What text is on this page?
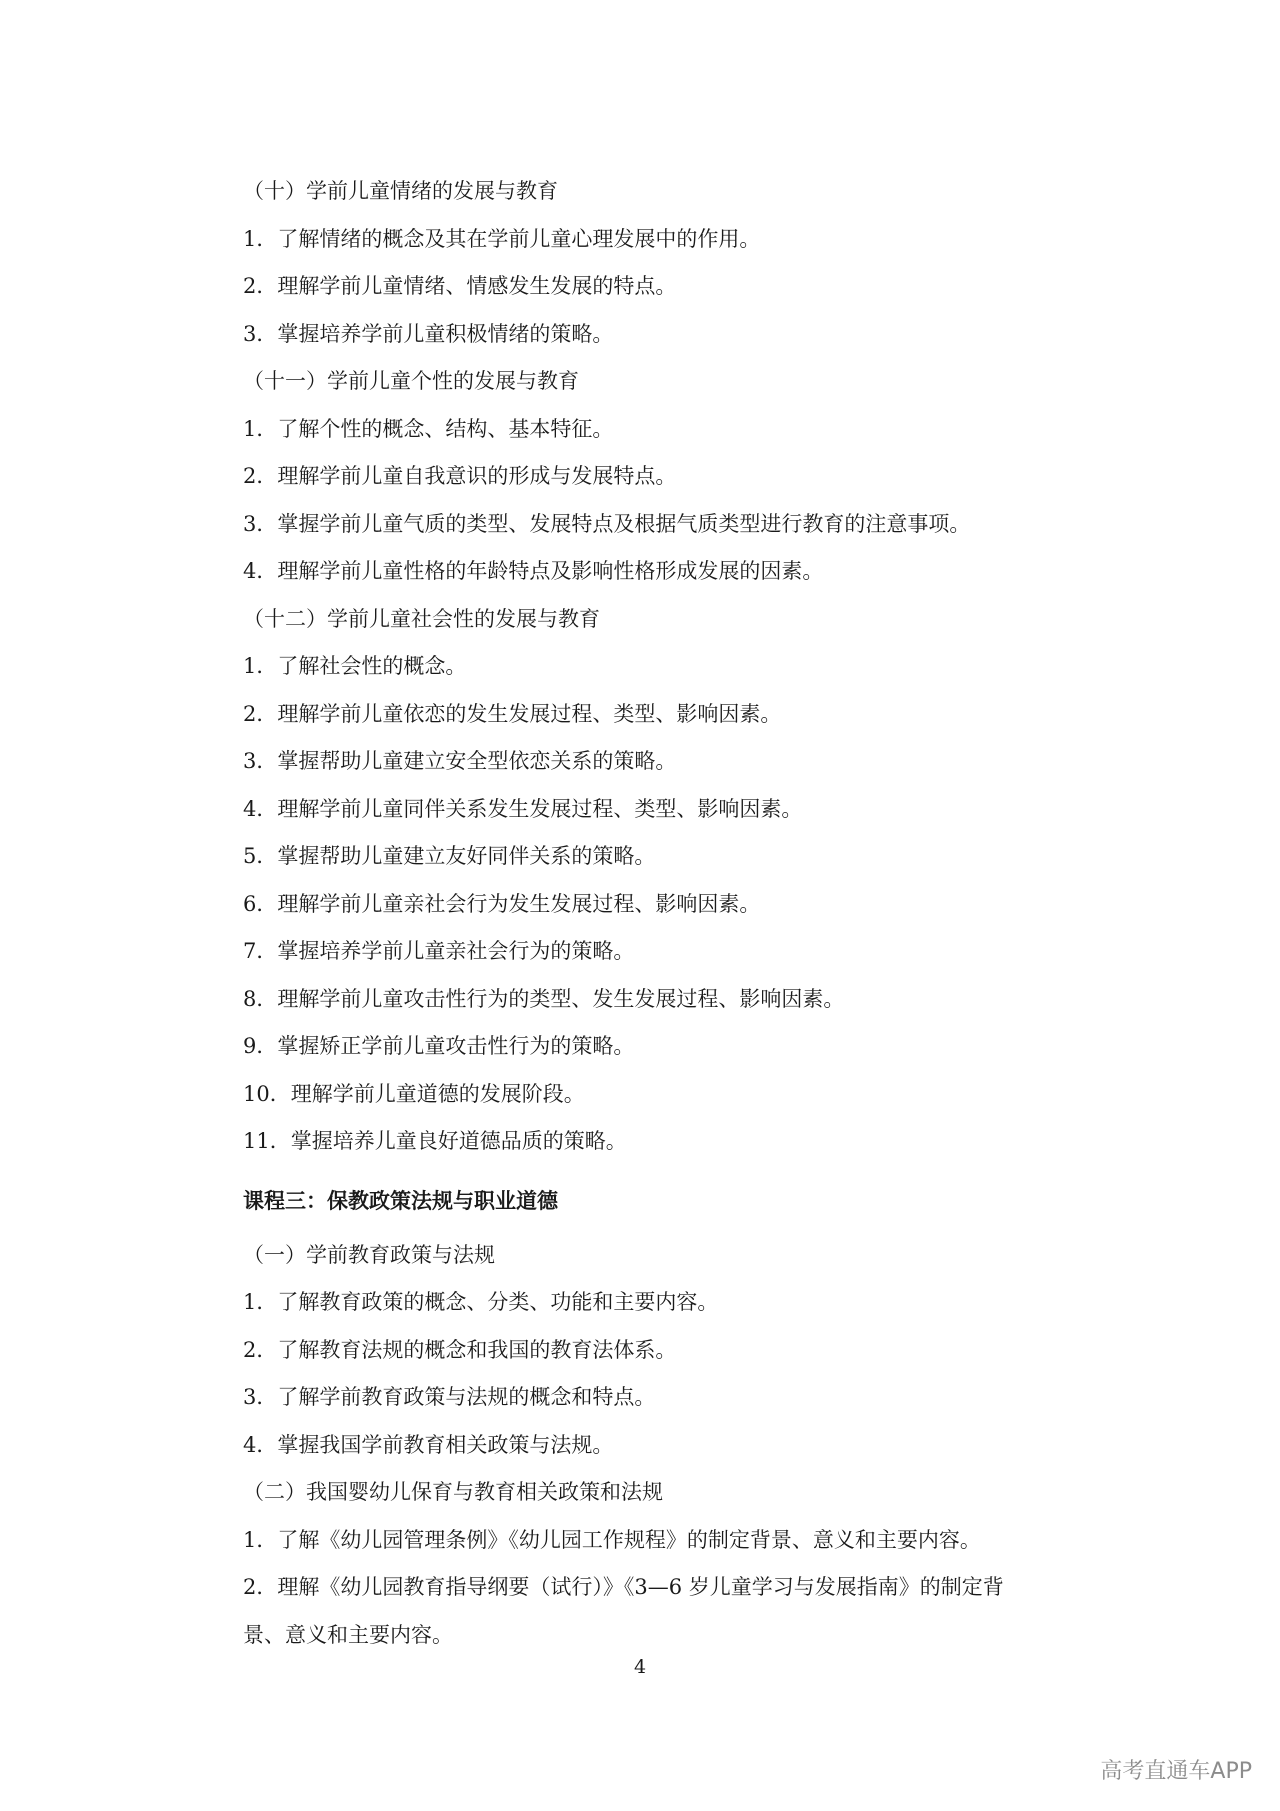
（十）学前儿童情绪的发展与教育
1．了解情绪的概念及其在学前儿童心理发展中的作用。
2．理解学前儿童情绪、情感发生发展的特点。
3．掌握培养学前儿童积极情绪的策略。
（十一）学前儿童个性的发展与教育
1．了解个性的概念、结构、基本特征。
2．理解学前儿童自我意识的形成与发展特点。
3．掌握学前儿童气质的类型、发展特点及根据气质类型进行教育的注意事项。
4．理解学前儿童性格的年龄特点及影响性格形成发展的因素。
（十二）学前儿童社会性的发展与教育
1．了解社会性的概念。
2．理解学前儿童依恋的发生发展过程、类型、影响因素。
3．掌握帮助儿童建立安全型依恋关系的策略。
4．理解学前儿童同伴关系发生发展过程、类型、影响因素。
5．掌握帮助儿童建立友好同伴关系的策略。
6．理解学前儿童亲社会行为发生发展过程、影响因素。
7．掌握培养学前儿童亲社会行为的策略。
8．理解学前儿童攻击性行为的类型、发生发展过程、影响因素。
9．掌握矫正学前儿童攻击性行为的策略。
10．理解学前儿童道德的发展阶段。
11．掌握培养儿童良好道德品质的策略。
课程三：保教政策法规与职业道德
（一）学前教育政策与法规
1．了解教育政策的概念、分类、功能和主要内容。
2．了解教育法规的概念和我国的教育法体系。
3．了解学前教育政策与法规的概念和特点。
4．掌握我国学前教育相关政策与法规。
（二）我国婴幼儿保育与教育相关政策和法规
1．了解《幼儿园管理条例》《幼儿园工作规程》的制定背景、意义和主要内容。
2．理解《幼儿园教育指导纲要（试行）》《3—6 岁儿童学习与发展指南》的制定背
景、意义和主要内容。
4
高考直通车APP
